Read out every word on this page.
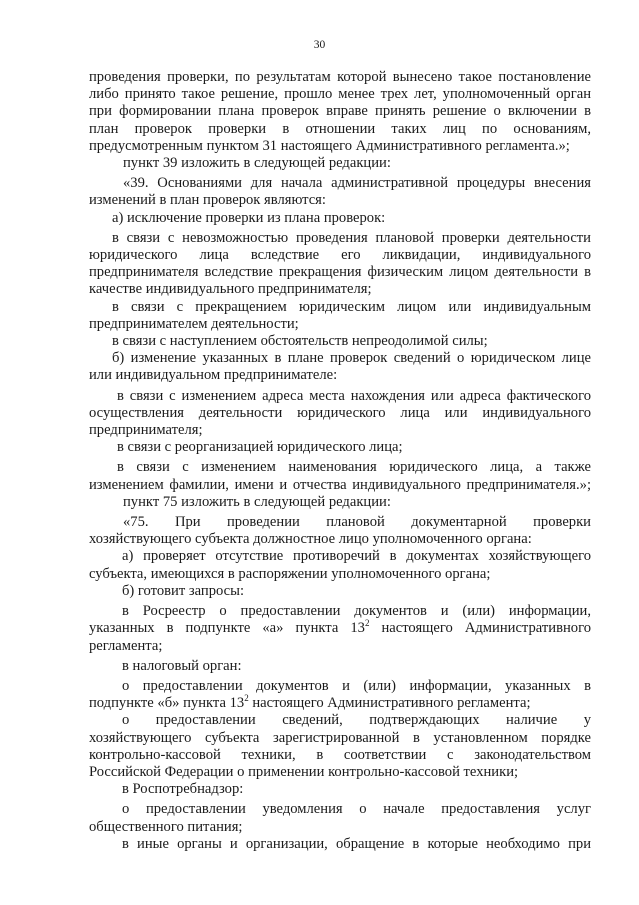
30
проведения проверки, по результатам которой вынесено такое постановление
либо принято такое решение, прошло менее трех лет, уполномоченный орган
при формировании плана проверок вправе принять решение о включении в
план проверок проверки в отношении таких лиц по основаниям,
предусмотренным пунктом 31 настоящего Административного регламента.»;
пункт 39 изложить в следующей редакции:
«39. Основаниями для начала административной процедуры внесения
изменений в план проверок являются:
а) исключение проверки из плана проверок:
в связи с невозможностью проведения плановой проверки деятельности
юридического лица вследствие его ликвидации, индивидуального
предпринимателя вследствие прекращения физическим лицом деятельности в
качестве индивидуального предпринимателя;
в связи с прекращением юридическим лицом или индивидуальным
предпринимателем деятельности;
в связи с наступлением обстоятельств непреодолимой силы;
б) изменение указанных в плане проверок сведений о юридическом лице
или индивидуальном предпринимателе:
в связи с изменением адреса места нахождения или адреса фактического
осуществления деятельности юридического лица или индивидуального
предпринимателя;
в связи с реорганизацией юридического лица;
в связи с изменением наименования юридического лица, а также
изменением фамилии, имени и отчества индивидуального предпринимателя.»;
пункт 75 изложить в следующей редакции:
«75. При проведении плановой документарной проверки
хозяйствующего субъекта должностное лицо уполномоченного органа:
а) проверяет отсутствие противоречий в документах хозяйствующего
субъекта, имеющихся в распоряжении уполномоченного органа;
б) готовит запросы:
в Росреестр о предоставлении документов и (или) информации,
указанных в подпункте «а» пункта $13^2$ настоящего Административного
регламента;
в налоговый орган:
о предоставлении документов и (или) информации, указанных в
подпункте «б» пункта $13^2$ настоящего Административного регламента;
о предоставлении сведений, подтверждающих наличие у
хозяйствующего субъекта зарегистрированной в установленном порядке
контрольно-кассовой техники, в соответствии с законодательством
Российской Федерации о применении контрольно-кассовой техники;
в Роспотребнадзор:
о предоставлении уведомления о начале предоставления услуг
общественного питания;
в иные органы и организации, обращение в которые необходимо при
